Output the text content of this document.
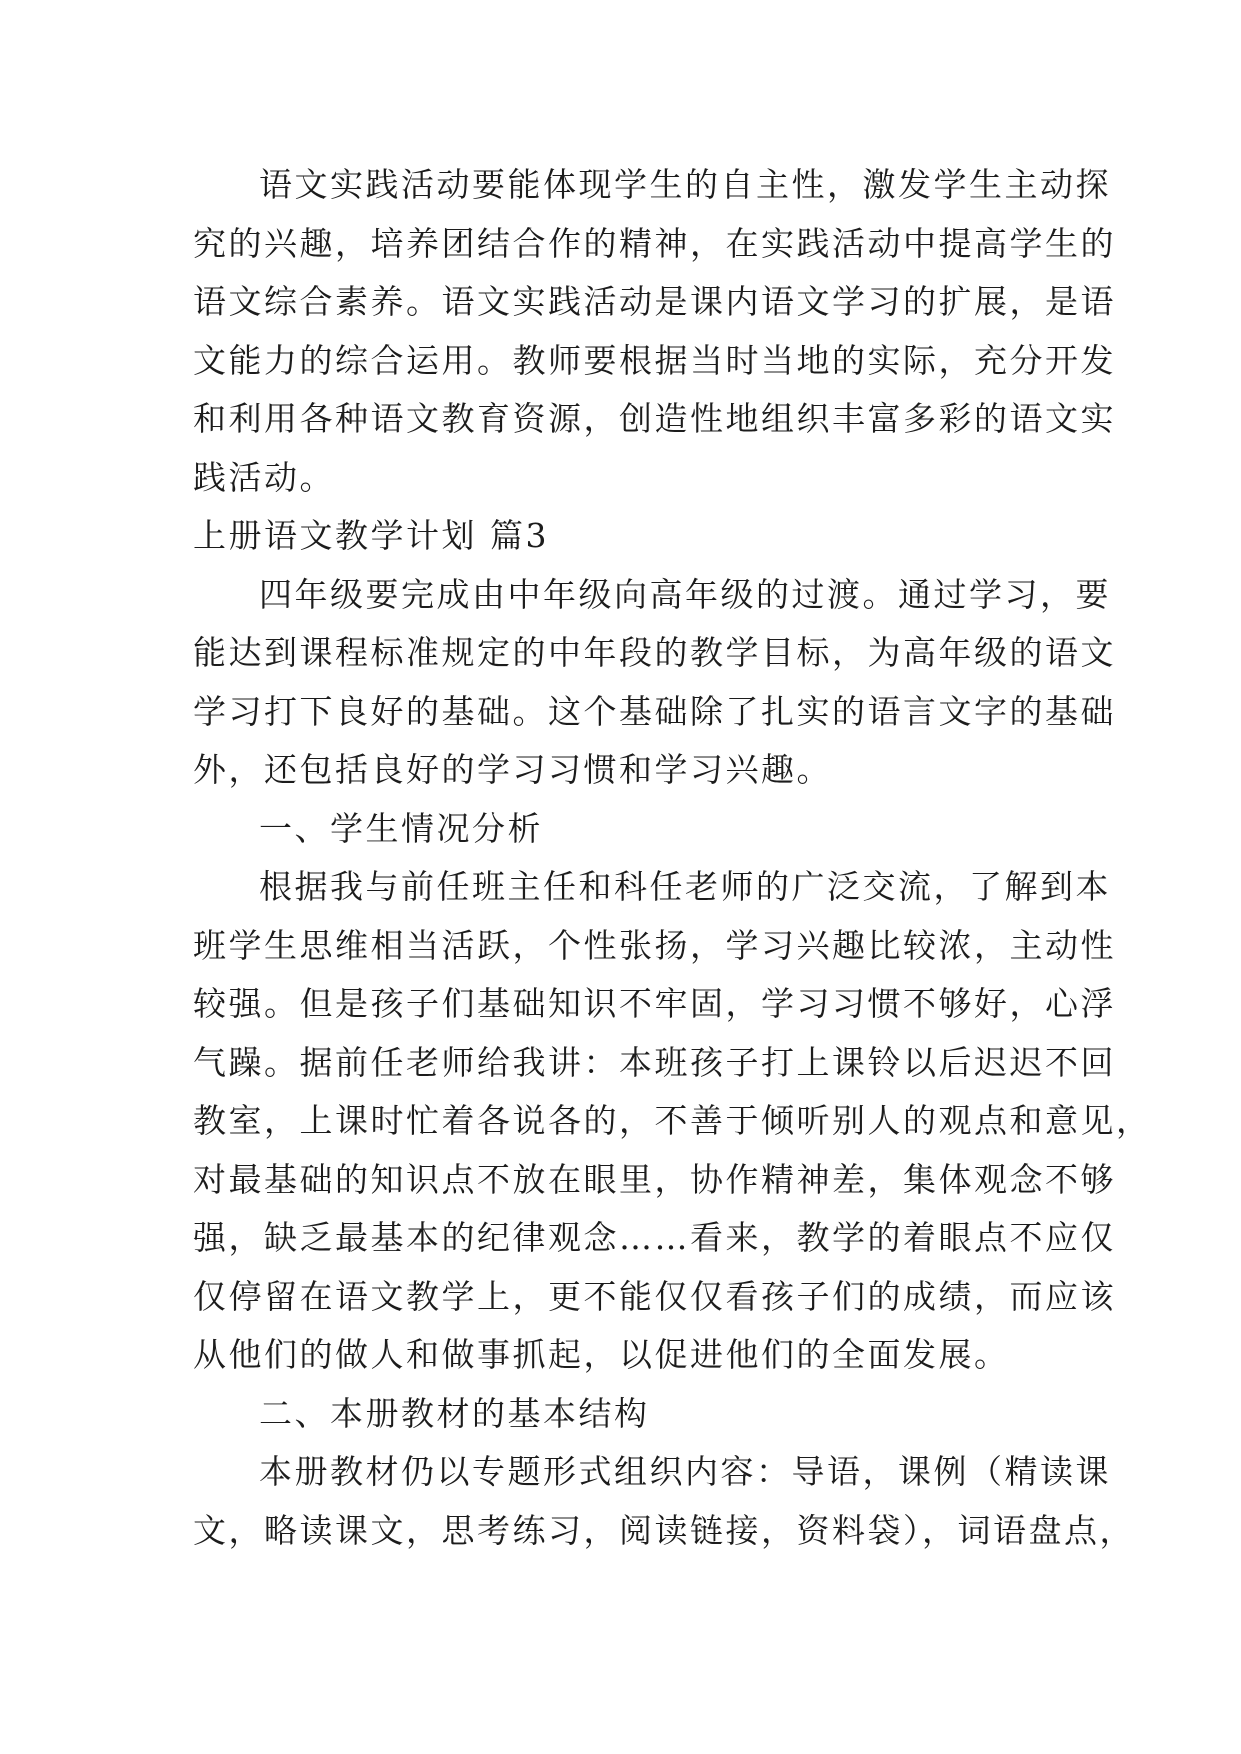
语文实践活动要能体现学生的自主性，激发学生主动探
究的兴趣，培养团结合作的精神，在实践活动中提高学生的
语文综合素养。语文实践活动是课内语文学习的扩展，是语
文能力的综合运用。教师要根据当时当地的实际，充分开发
和利用各种语文教育资源，创造性地组织丰富多彩的语文实
践活动。
上册语文教学计划 篇3
四年级要完成由中年级向高年级的过渡。通过学习，要
能达到课程标准规定的中年段的教学目标，为高年级的语文
学习打下良好的基础。这个基础除了扎实的语言文字的基础
外，还包括良好的学习习惯和学习兴趣。
一、学生情况分析
根据我与前任班主任和科任老师的广泛交流，了解到本
班学生思维相当活跃，个性张扬，学习兴趣比较浓，主动性
较强。但是孩子们基础知识不牢固，学习习惯不够好，心浮
气躁。据前任老师给我讲：本班孩子打上课铃以后迟迟不回
教室，上课时忙着各说各的，不善于倾听别人的观点和意见，
对最基础的知识点不放在眼里，协作精神差，集体观念不够
强，缺乏最基本的纪律观念……看来，教学的着眼点不应仅
仅停留在语文教学上，更不能仅仅看孩子们的成绩，而应该
从他们的做人和做事抓起，以促进他们的全面发展。
二、本册教材的基本结构
本册教材仍以专题形式组织内容：导语，课例（精读课
文，略读课文，思考练习，阅读链接，资料袋），词语盘点，
